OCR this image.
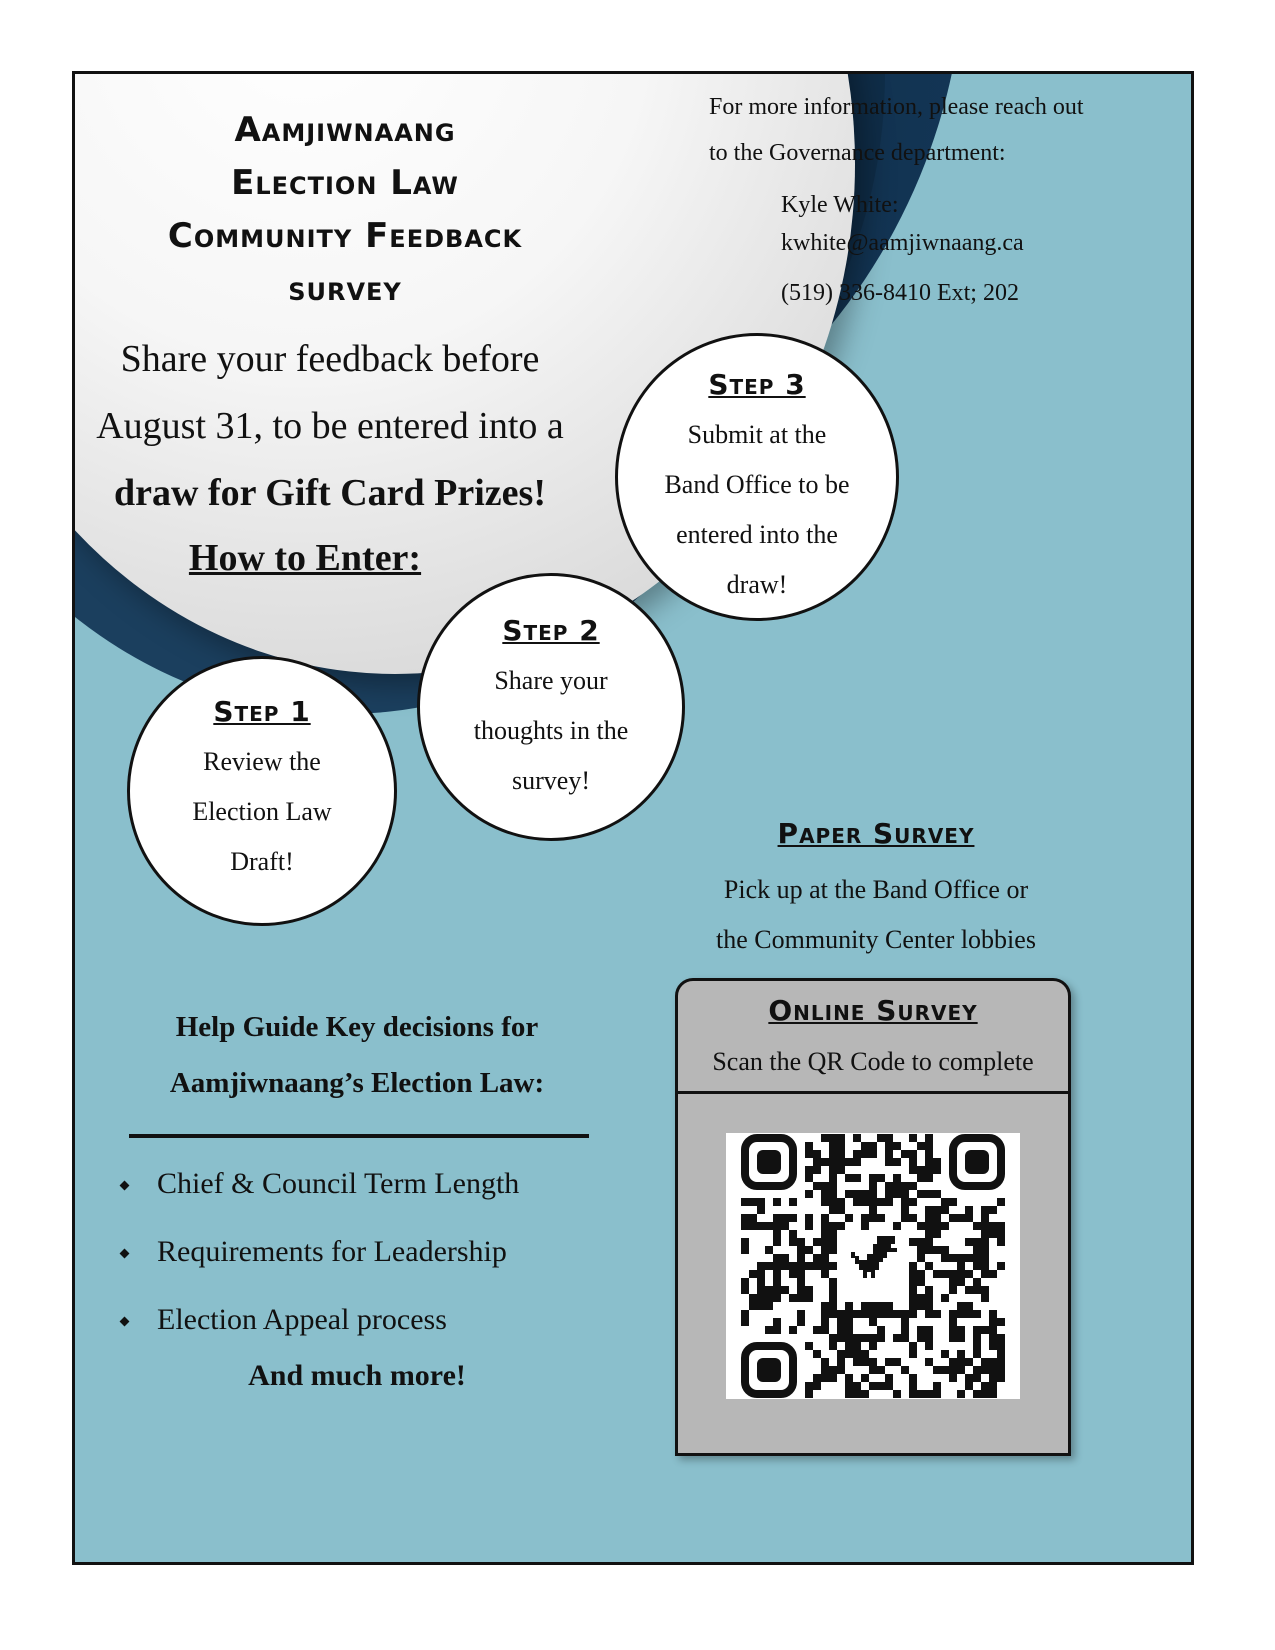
Aamjiwnaang
Election Law
Community Feedback
survey
Share your feedback before
August 31, to be entered into a
draw for Gift Card Prizes!
How to Enter:
For more information, please reach out
to the Governance department:
Kyle White:
kwhite@aamjiwnaang.ca
(519) 336-8410 Ext; 202
Step 1
Review the
Election Law
Draft!
Step 2
Share your
thoughts in the
survey!
Step 3
Submit at the
Band Office to be
entered into the
draw!
Paper Survey
Pick up at the Band Office or
the Community Center lobbies
Online Survey
Scan the QR Code to complete
Help Guide Key decisions for
Aamjiwnaang’s Election Law:
Chief & Council Term Length
Requirements for Leadership
Election Appeal process
And much more!
